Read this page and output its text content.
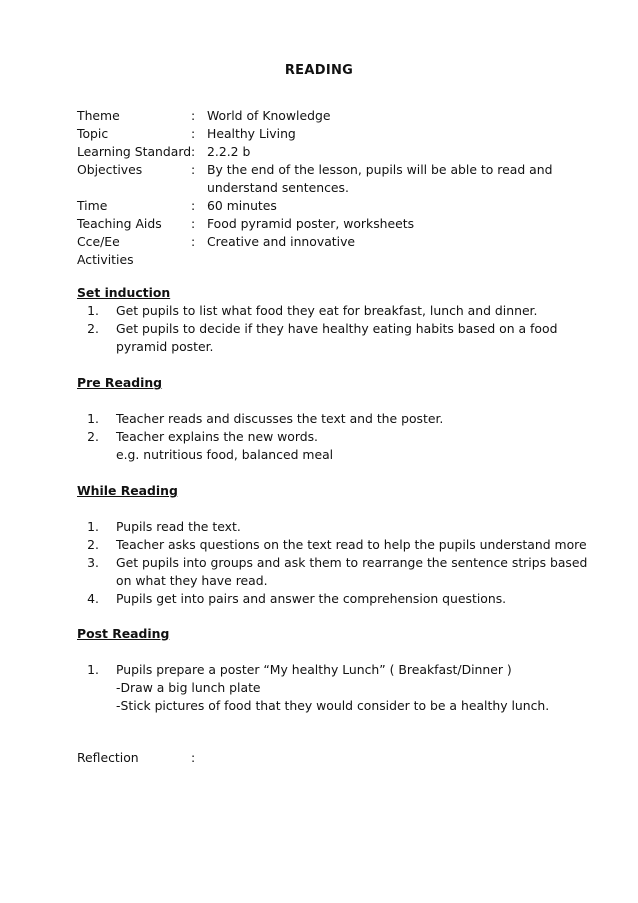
READING
Theme	: World of Knowledge
Topic	: Healthy Living
Learning Standard : 2.2.2 b
Objectives	: By the end of the lesson, pupils will be able to read and understand sentences.
Time	: 60 minutes
Teaching Aids	: Food pyramid poster, worksheets
Cce/Ee	: Creative and innovative
Activities
Set induction
1. Get pupils to list what food they eat for breakfast, lunch and dinner.
2. Get pupils to decide if they have healthy eating habits based on a food pyramid poster.
Pre Reading
1. Teacher reads and discusses the text and the poster.
2. Teacher explains the new words.
e.g. nutritious food, balanced meal
While Reading
1. Pupils read the text.
2. Teacher asks questions on the text read to help the pupils understand more
3. Get pupils into groups and ask them to rearrange the sentence strips based on what they have read.
4. Pupils get into pairs and answer the comprehension questions.
Post Reading
1. Pupils prepare a poster “My healthy Lunch” ( Breakfast/Dinner )
-Draw a big lunch plate
-Stick pictures of food that they would consider to be a healthy lunch.
Reflection	:
